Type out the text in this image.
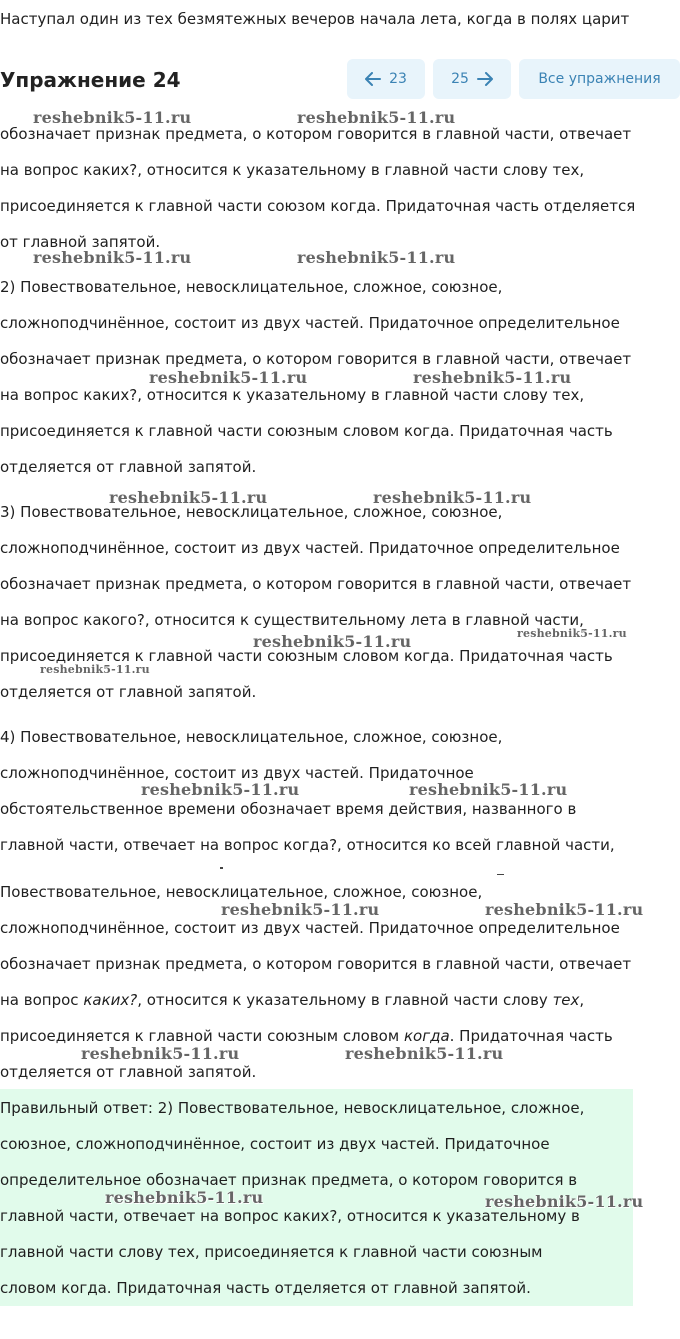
Наступал один из тех безмятежных вечеров начала лета, когда в полях царит
Упражнение 24	23	25	Все упражнения
обозначает признак предмета, о котором говорится в главной части, отвечает
на вопрос каких?, относится к указательному в главной части слову тех,
присоединяется к главной части союзом когда. Придаточная часть отделяется
от главной запятой.
2) Повествовательное, невосклицательное, сложное, союзное,
сложноподчинённое, состоит из двух частей. Придаточное определительное
обозначает признак предмета, о котором говорится в главной части, отвечает
на вопрос каких?, относится к указательному в главной части слову тех,
присоединяется к главной части союзным словом когда. Придаточная часть
отделяется от главной запятой.
3) Повествовательное, невосклицательное, сложное, союзное,
сложноподчинённое, состоит из двух частей. Придаточное определительное
обозначает признак предмета, о котором говорится в главной части, отвечает
на вопрос какого?, относится к существительному лета в главной части,
присоединяется к главной части союзным словом когда. Придаточная часть
отделяется от главной запятой.
4) Повествовательное, невосклицательное, сложное, союзное,
сложноподчинённое, состоит из двух частей. Придаточное
обстоятельственное времени обозначает время действия, названного в
главной части, отвечает на вопрос когда?, относится ко всей главной части,
Повествовательное, невосклицательное, сложное, союзное,
сложноподчинённое, состоит из двух частей. Придаточное определительное
обозначает признак предмета, о котором говорится в главной части, отвечает
на вопрос каких?, относится к указательному в главной части слову тех,
присоединяется к главной части союзным словом когда. Придаточная часть
отделяется от главной запятой.
Правильный ответ: 2) Повествовательное, невосклицательное, сложное,
союзное, сложноподчинённое, состоит из двух частей. Придаточное
определительное обозначает признак предмета, о котором говорится в
главной части, отвечает на вопрос каких?, относится к указательному в
главной части слову тех, присоединяется к главной части союзным
словом когда. Придаточная часть отделяется от главной запятой.
reshebnik5-11.ru	reshebnik5-11.ru
reshebnik5-11.ru	reshebnik5-11.ru
reshebnik5-11.ru	reshebnik5-11.ru
reshebnik5-11.ru	reshebnik5-11.ru
reshebnik5-11.ru	reshebnik5-11.ru
reshebnik5-11.ru
reshebnik5-11.ru	reshebnik5-11.ru
reshebnik5-11.ru	reshebnik5-11.ru
reshebnik5-11.ru	reshebnik5-11.ru
reshebnik5-11.ru	reshebnik5-11.ru
